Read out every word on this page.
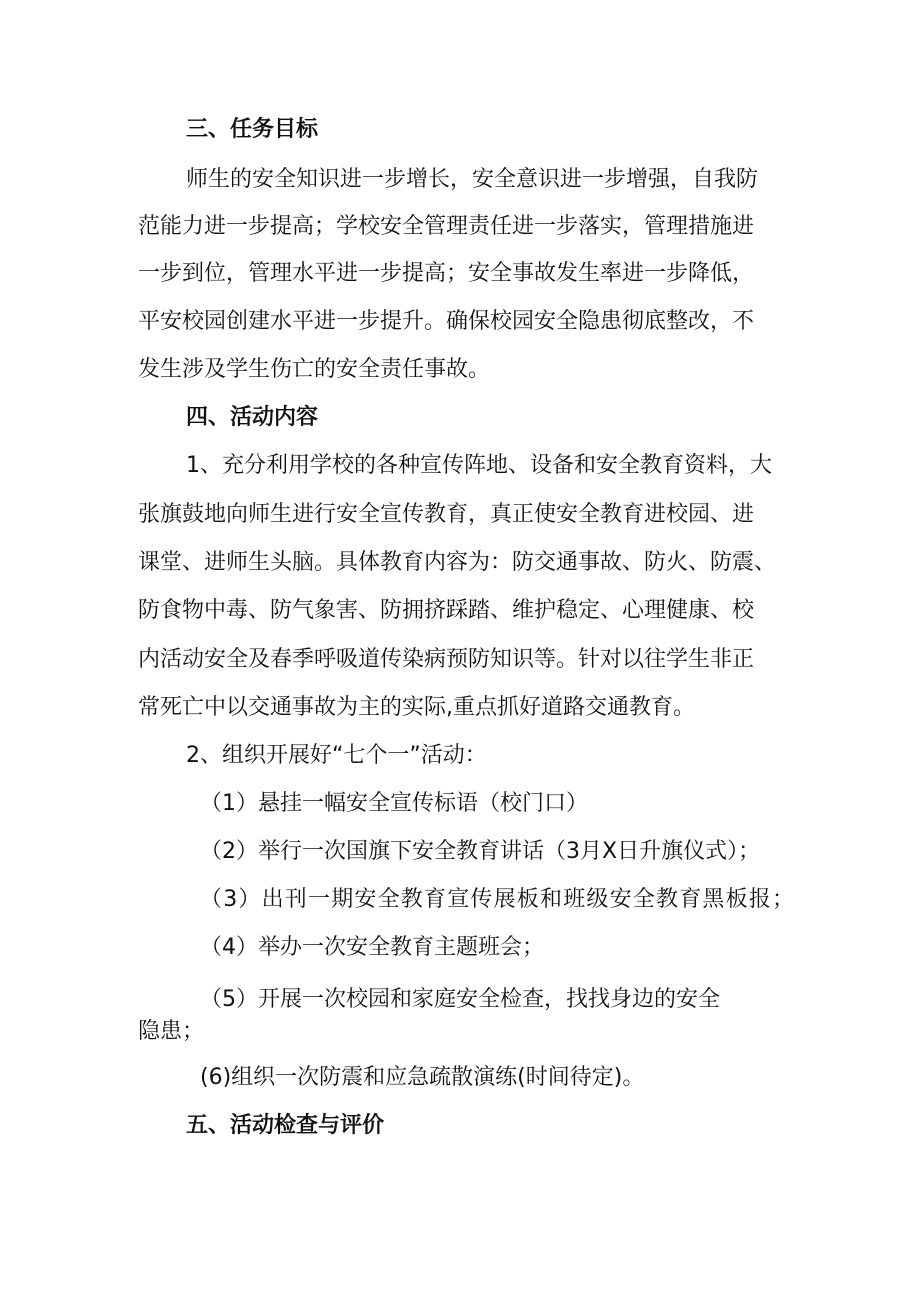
三、任务目标
师生的安全知识进一步增长，安全意识进一步增强，自我防
范能力进一步提高；学校安全管理责任进一步落实，管理措施进
一步到位，管理水平进一步提高；安全事故发生率进一步降低，
平安校园创建水平进一步提升。确保校园安全隐患彻底整改，不
发生涉及学生伤亡的安全责任事故。
四、活动内容
1、充分利用学校的各种宣传阵地、设备和安全教育资料，大
张旗鼓地向师生进行安全宣传教育，真正使安全教育进校园、进
课堂、进师生头脑。具体教育内容为：防交通事故、防火、防震、
防食物中毒、防气象害、防拥挤踩踏、维护稳定、心理健康、校
内活动安全及春季呼吸道传染病预防知识等。针对以往学生非正
常死亡中以交通事故为主的实际,重点抓好道路交通教育。
2、组织开展好“七个一”活动：
（1）悬挂一幅安全宣传标语（校门口）
（2）举行一次国旗下安全教育讲话（3月X日升旗仪式）；
（3）出刊一期安全教育宣传展板和班级安全教育黑板报；
（4）举办一次安全教育主题班会；
（5）开展一次校园和家庭安全检查，找找身边的安全
隐患；
(6)组织一次防震和应急疏散演练(时间待定)。
五、活动检查与评价
